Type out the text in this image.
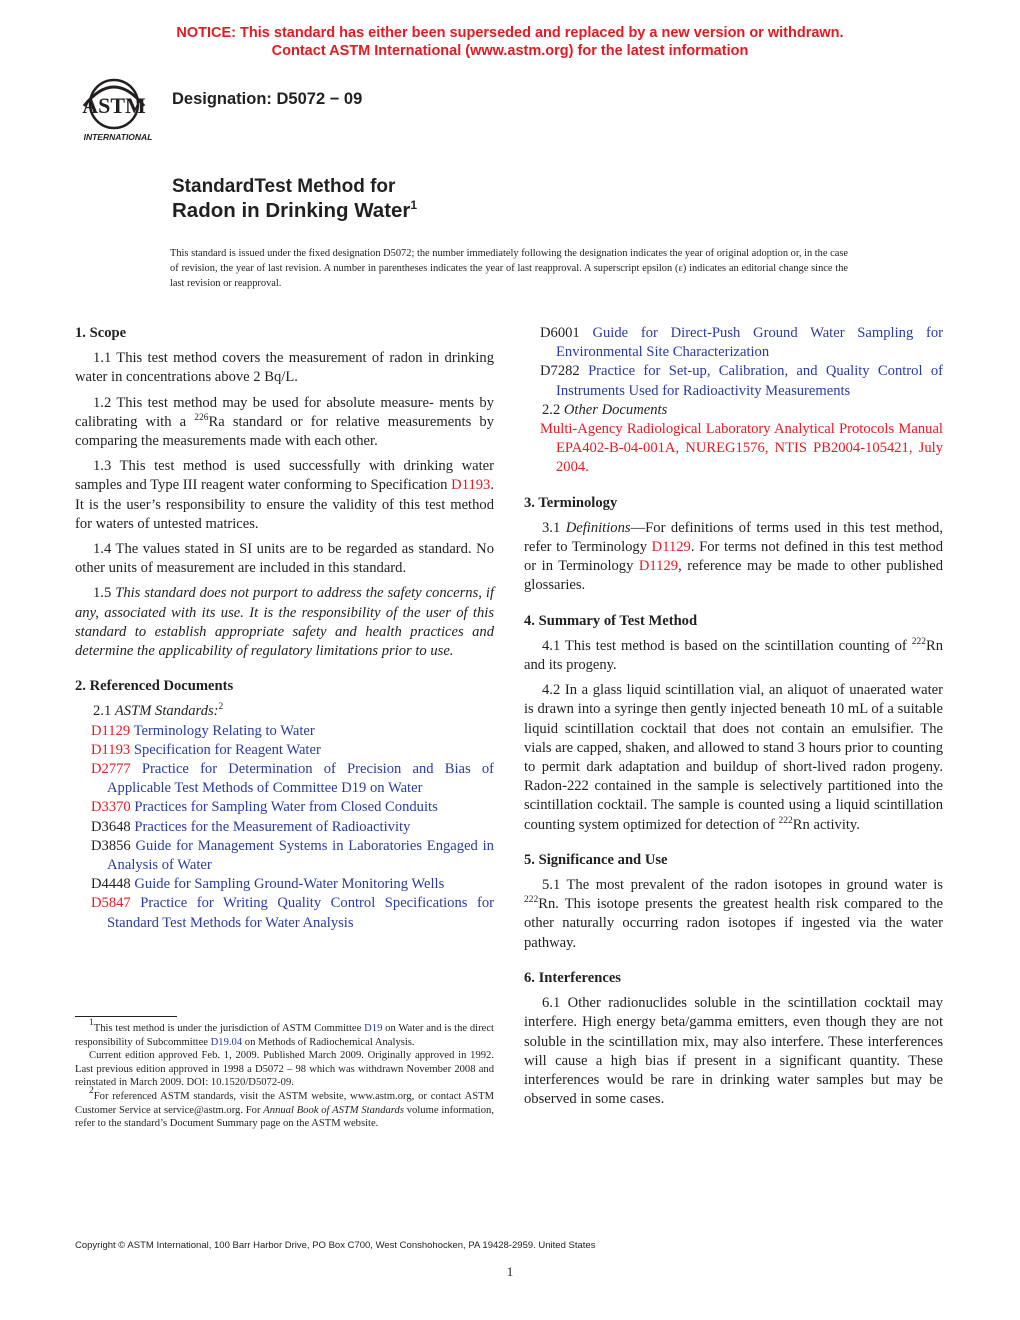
NOTICE: This standard has either been superseded and replaced by a new version or withdrawn.
Contact ASTM International (www.astm.org) for the latest information
ASTM
INTERNATIONAL
Designation: D5072 − 09
StandardTest Method for
Radon in Drinking Water$^1$
This standard is issued under the fixed designation D5072; the number immediately following the designation indicates the year of original adoption or, in the case of revision, the year of last revision. A number in parentheses indicates the year of last reapproval. A superscript epsilon (ε) indicates an editorial change since the last revision or reapproval.
1. Scope

1.1 This test method covers the measurement of radon in drinking water in concentrations above 2 Bq/L.

1.2 This test method may be used for absolute measure- ments by calibrating with a $^{226}$Ra standard or for relative measurements by comparing the measurements made with each other.

1.3 This test method is used successfully with drinking water samples and Type III reagent water conforming to Specification D1193. It is the user’s responsibility to ensure the validity of this test method for waters of untested matrices.

1.4 The values stated in SI units are to be regarded as standard. No other units of measurement are included in this standard.

1.5 This standard does not purport to address the safety concerns, if any, associated with its use. It is the responsibility of the user of this standard to establish appropriate safety and health practices and determine the applicability of regulatory limitations prior to use.

2. Referenced Documents

2.1 ASTM Standards:$^2$

D1129 Terminology Relating to Water

D1193 Specification for Reagent Water

D2777 Practice for Determination of Precision and Bias of Applicable Test Methods of Committee D19 on Water

D3370 Practices for Sampling Water from Closed Conduits

D3648 Practices for the Measurement of Radioactivity

D3856 Guide for Management Systems in Laboratories Engaged in Analysis of Water

D4448 Guide for Sampling Ground-Water Monitoring Wells

D5847 Practice for Writing Quality Control Specifications for Standard Test Methods for Water Analysis

$^1$This test method is under the jurisdiction of ASTM Committee D19 on Water and is the direct responsibility of Subcommittee D19.04 on Methods of Radiochemical Analysis.

Current edition approved Feb. 1, 2009. Published March 2009. Originally approved in 1992. Last previous edition approved in 1998 a D5072 – 98 which was withdrawn November 2008 and reinstated in March 2009. DOI: 10.1520/D5072-09.

$^2$For referenced ASTM standards, visit the ASTM website, www.astm.org, or contact ASTM Customer Service at service@astm.org. For Annual Book of ASTM Standards volume information, refer to the standard’s Document Summary page on the ASTM website.

D6001 Guide for Direct-Push Ground Water Sampling for Environmental Site Characterization

D7282 Practice for Set-up, Calibration, and Quality Control of Instruments Used for Radioactivity Measurements

2.2 Other Documents

Multi-Agency Radiological Laboratory Analytical Protocols Manual EPA402-B-04-001A, NUREG1576, NTIS PB2004-105421, July 2004.

3. Terminology

3.1 Definitions—For definitions of terms used in this test method, refer to Terminology D1129. For terms not defined in this test method or in Terminology D1129, reference may be made to other published glossaries.

4. Summary of Test Method

4.1 This test method is based on the scintillation counting of $^{222}$Rn and its progeny.

4.2 In a glass liquid scintillation vial, an aliquot of unaerated water is drawn into a syringe then gently injected beneath 10 mL of a suitable liquid scintillation cocktail that does not contain an emulsifier. The vials are capped, shaken, and allowed to stand 3 hours prior to counting to permit dark adaptation and buildup of short-lived radon progeny. Radon-222 contained in the sample is selectively partitioned into the scintillation cocktail. The sample is counted using a liquid scintillation counting system optimized for detection of $^{222}$Rn activity.

5. Significance and Use

5.1 The most prevalent of the radon isotopes in ground water is $^{222}$Rn. This isotope presents the greatest health risk compared to the other naturally occurring radon isotopes if ingested via the water pathway.

6. Interferences

6.1 Other radionuclides soluble in the scintillation cocktail may interfere. High energy beta/gamma emitters, even though they are not soluble in the scintillation mix, may also interfere. These interferences will cause a high bias if present in a significant quantity. These interferences would be rare in drinking water samples but may be observed in some cases.

Copyright © ASTM International, 100 Barr Harbor Drive, PO Box C700, West Conshohocken, PA 19428-2959. United States
1
